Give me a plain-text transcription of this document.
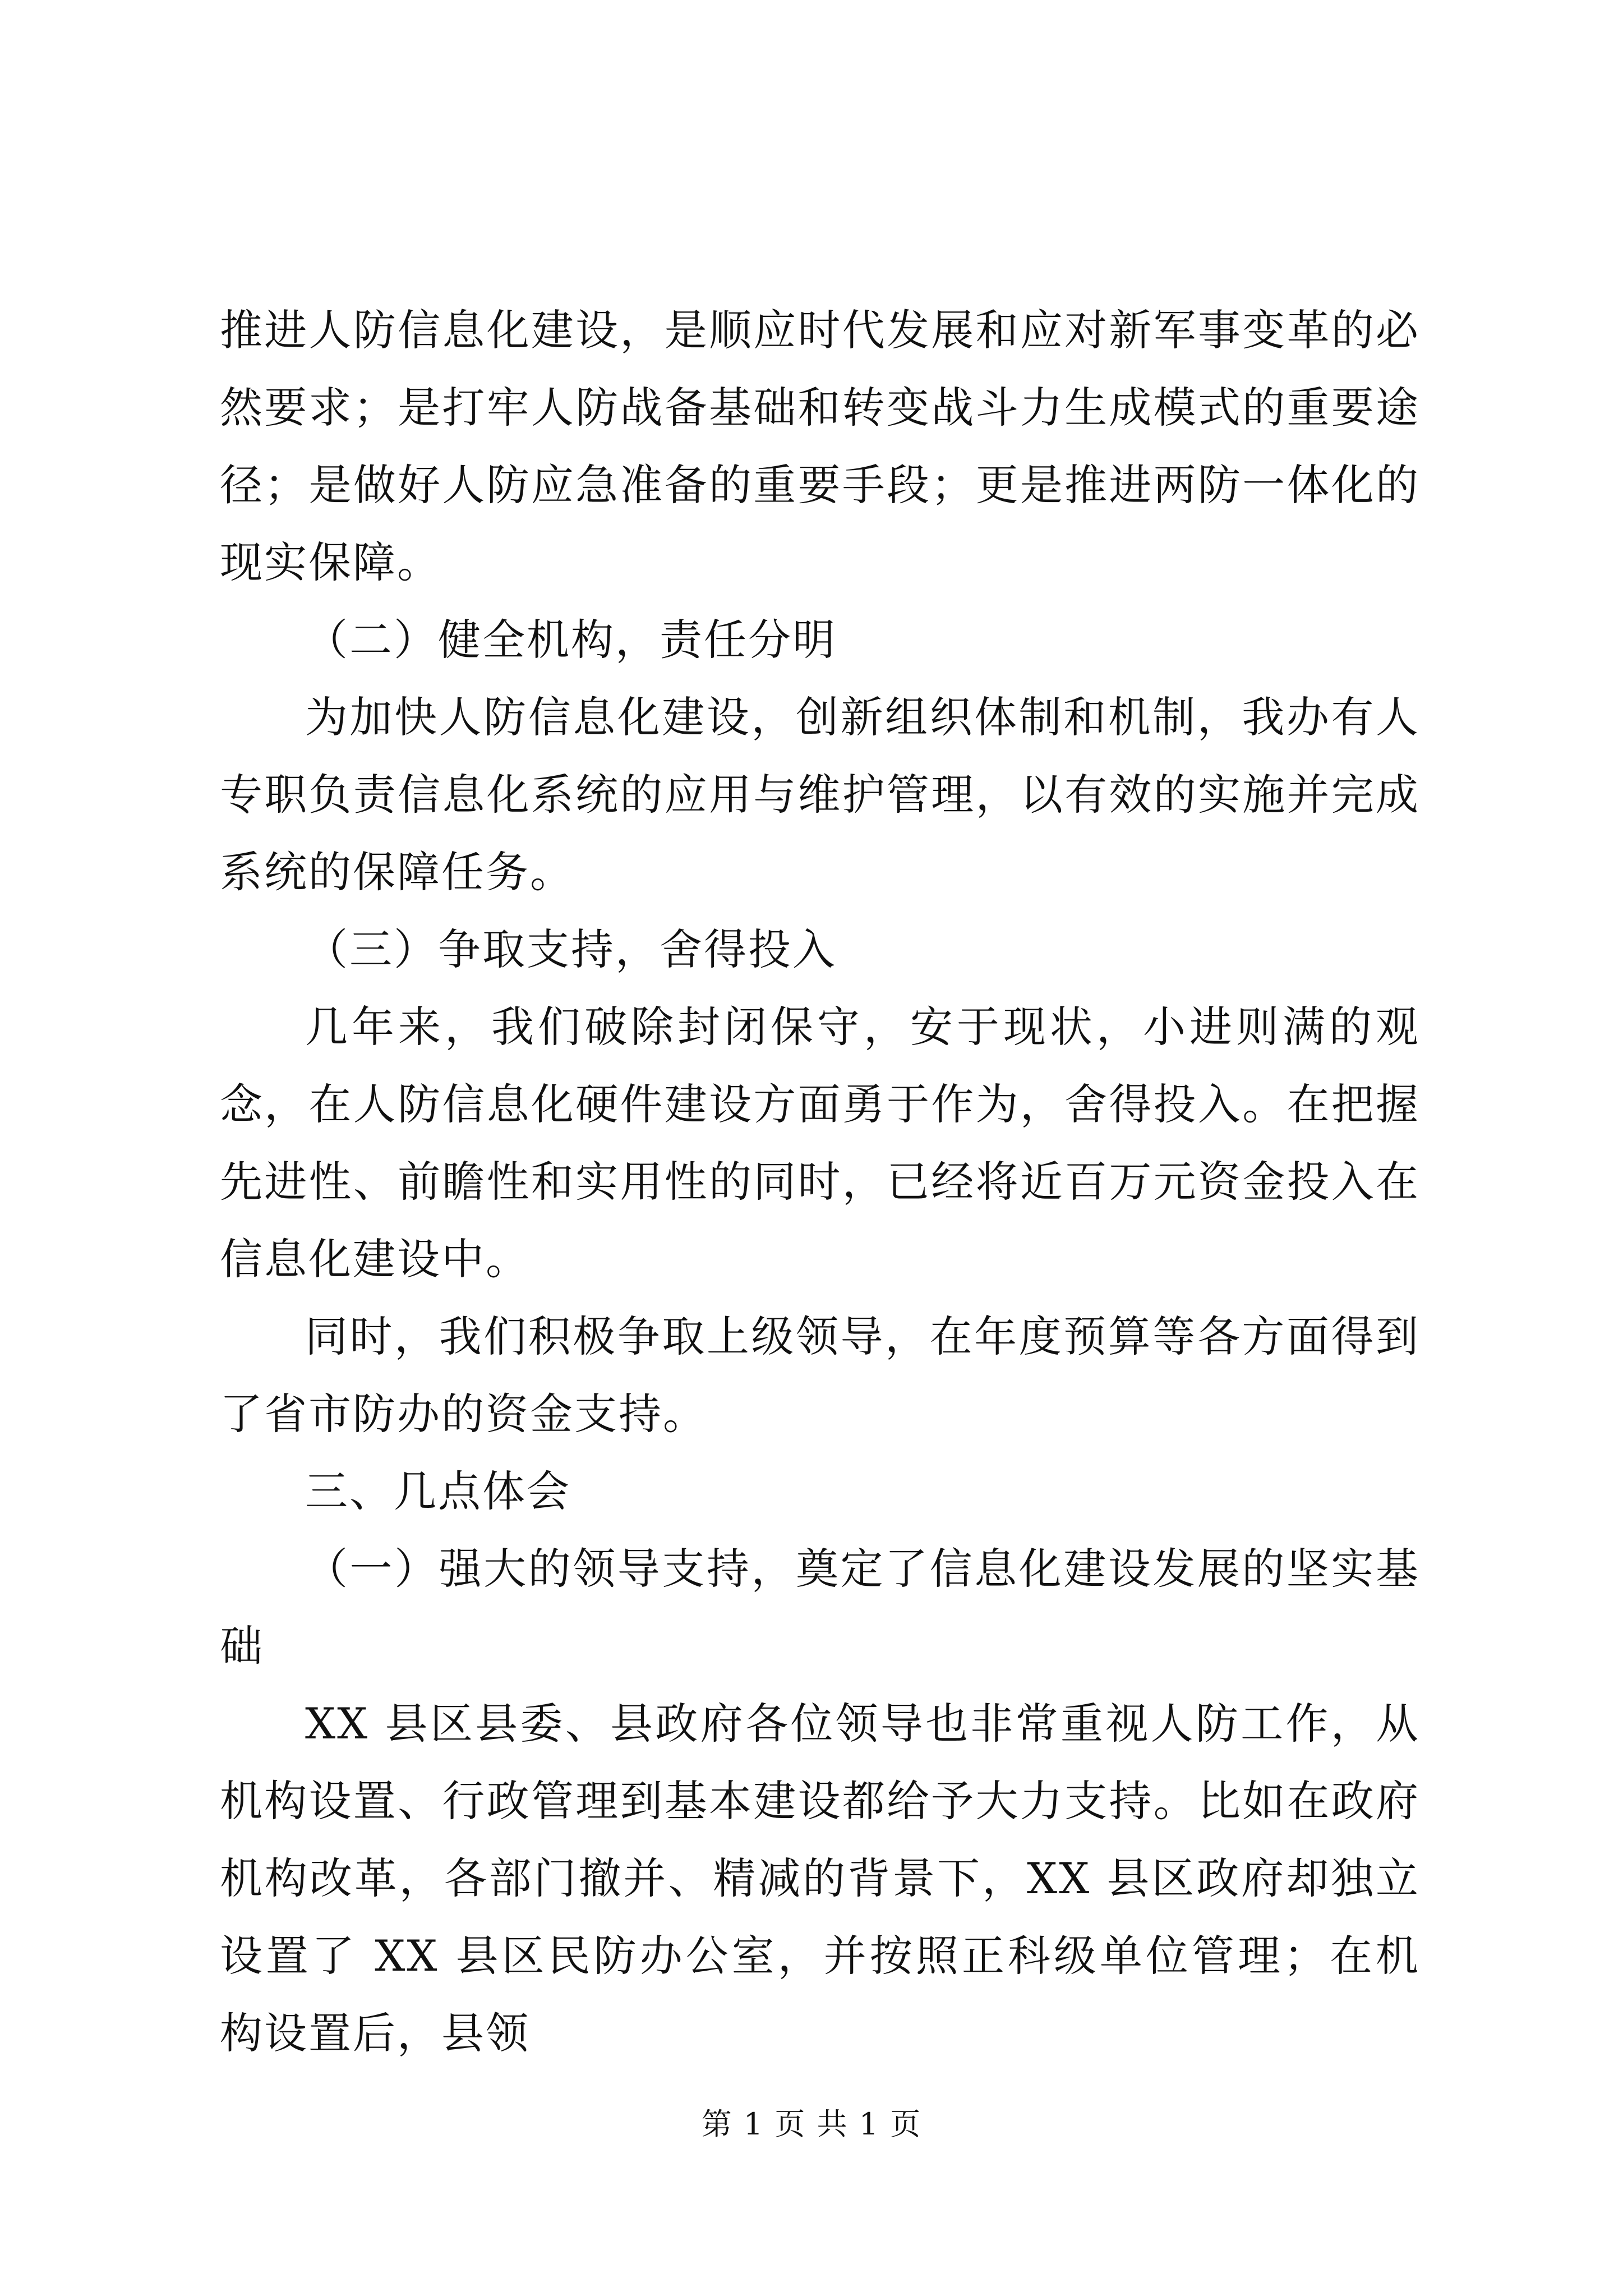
推进人防信息化建设，是顺应时代发展和应对新军事变革的必然要求；是打牢人防战备基础和转变战斗力生成模式的重要途径；是做好人防应急准备的重要手段；更是推进两防一体化的现实保障。

（二）健全机构，责任分明

为加快人防信息化建设，创新组织体制和机制，我办有人专职负责信息化系统的应用与维护管理，以有效的实施并完成系统的保障任务。

（三）争取支持，舍得投入

几年来，我们破除封闭保守，安于现状，小进则满的观念，在人防信息化硬件建设方面勇于作为，舍得投入。在把握先进性、前瞻性和实用性的同时，已经将近百万元资金投入在信息化建设中。

同时，我们积极争取上级领导，在年度预算等各方面得到了省市防办的资金支持。

三、几点体会

（一）强大的领导支持，奠定了信息化建设发展的坚实基础

XX 县区县委、县政府各位领导也非常重视人防工作，从机构设置、行政管理到基本建设都给予大力支持。比如在政府机构改革，各部门撤并、精减的背景下，XX 县区政府却独立设置了 XX 县区民防办公室，并按照正科级单位管理；在机构设置后，县领

第 1 页 共 1 页
